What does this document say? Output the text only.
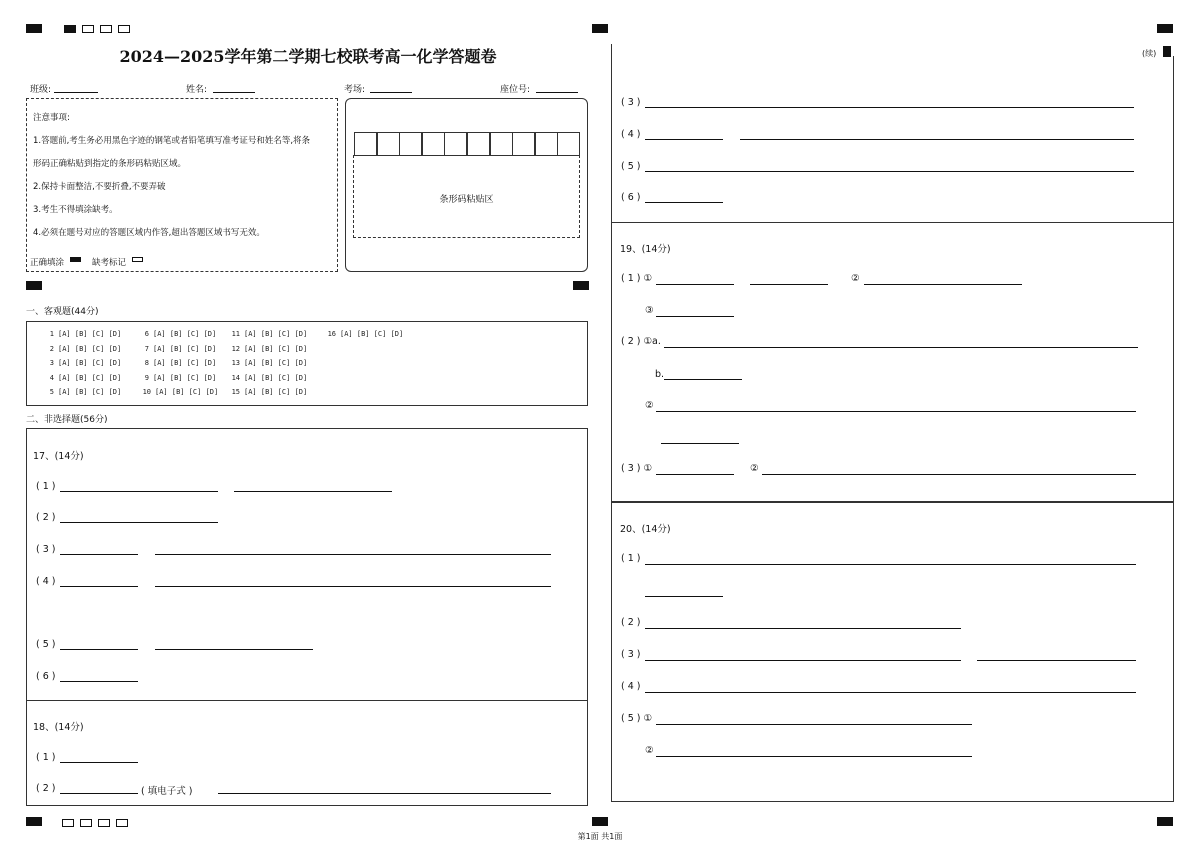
2024—2025学年第二学期七校联考高一化学答题卷	(续)
班级:	姓名:	考场:	座位号:
注意事项:
1.答题前,考生务必用黑色字迹的钢笔或者铅笔填写准考证号和姓名等,将条
形码正确粘贴到指定的条形码粘贴区域。
2.保持卡面整洁,不要折叠,不要弄破
3.考生不得填涂缺考。
4.必须在题号对应的答题区域内作答,超出答题区域书写无效。
正确填涂	缺考标记
条形码粘贴区
一、客观题(44分)
1 [A] [B] [C] [D]
2 [A] [B] [C] [D]
3 [A] [B] [C] [D]
4 [A] [B] [C] [D]
5 [A] [B] [C] [D]
6 [A] [B] [C] [D]
7 [A] [B] [C] [D]
8 [A] [B] [C] [D]
9 [A] [B] [C] [D]
10 [A] [B] [C] [D]
11 [A] [B] [C] [D]
12 [A] [B] [C] [D]
13 [A] [B] [C] [D]
14 [A] [B] [C] [D]
15 [A] [B] [C] [D]
16 [A] [B] [C] [D]
二、非选择题(56分)
17、(14分)
( 1 )
( 2 )
( 3 )
( 4 )
( 5 )
( 6 )
18、(14分)
( 1 )
( 2 )	( 填电子式 )
( 3 )
( 4 )
( 5 )
( 6 )
19、(14分)
( 1 ) ①	②
③
( 2 ) ①a.
b.
②
( 3 ) ①	②
20、(14分)
( 1 )
( 2 )
( 3 )
( 4 )
( 5 ) ①
②
第1面 共1面
